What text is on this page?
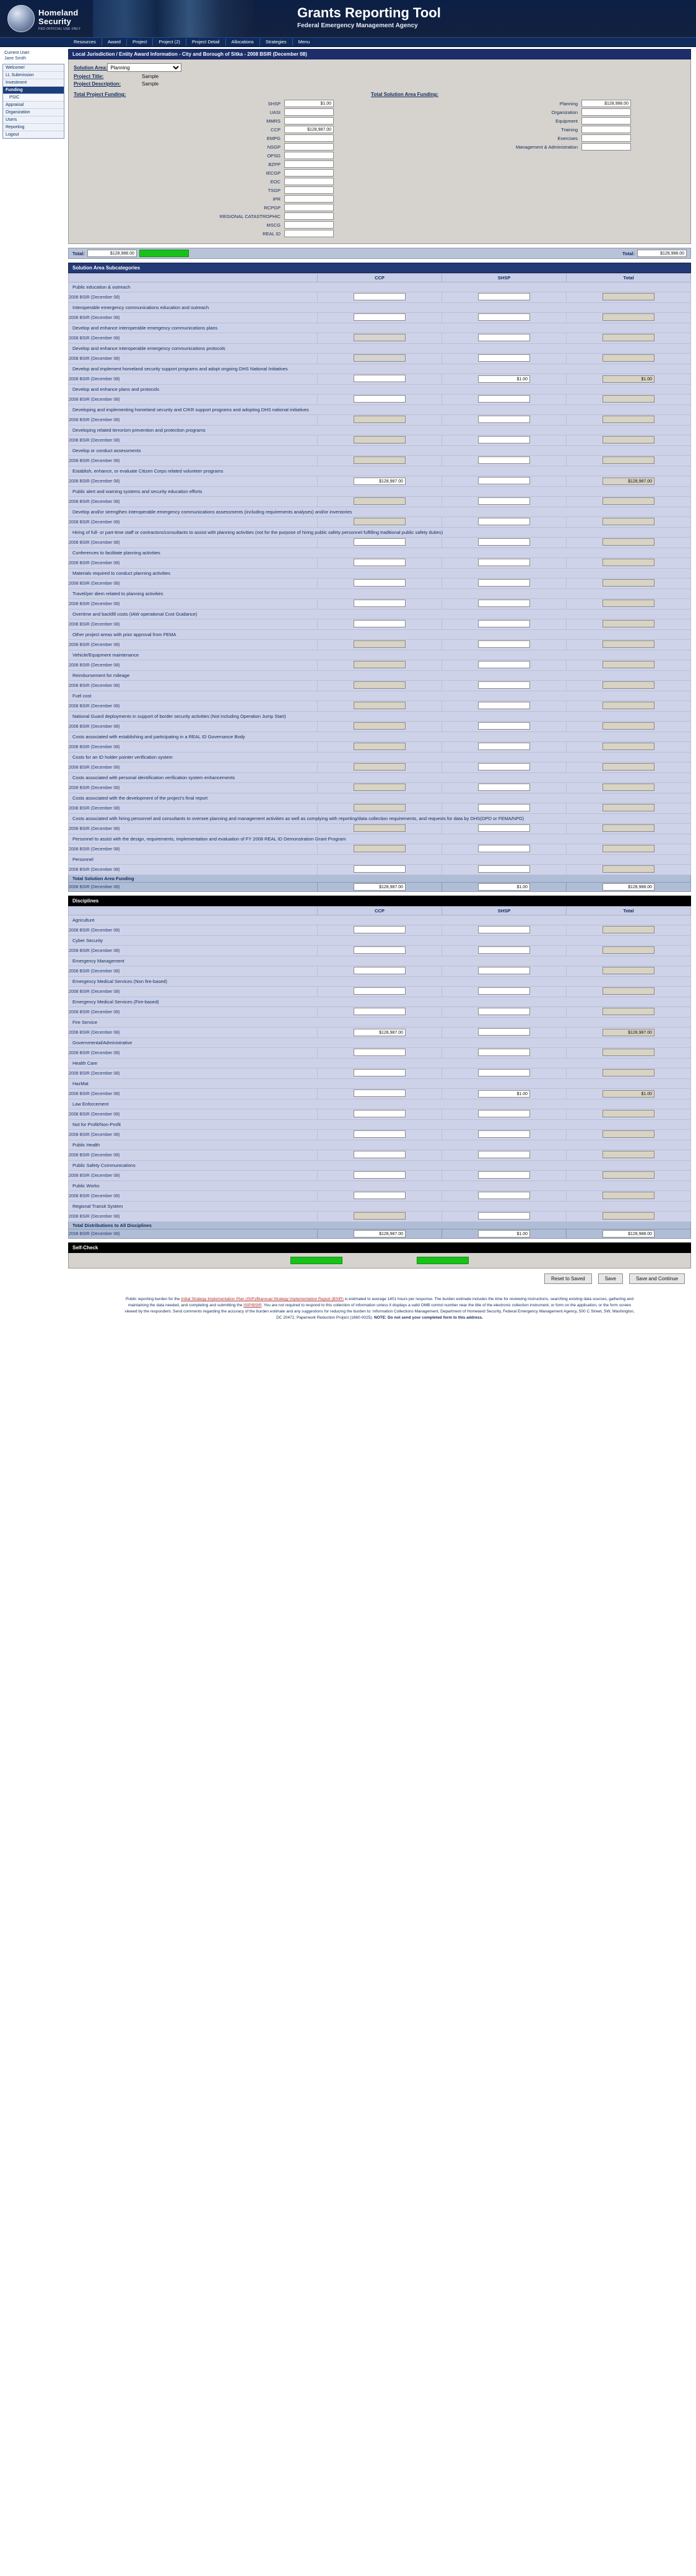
Homeland
Security
FED OFFICIAL USE ONLY
Grants Reporting Tool
Federal Emergency Management Agency
Resources	Award	Project	Project (2)	Project Detail	Allocations	Strategies	Menu
Current User:
Jane Smith
Welcome!
LL Submission
Investment
Funding
PSIC
Appraisal
Organization
Users
Reporting
Logout
Local Jurisdiction / Entity Award Information - City and Borough of Sitka - 2008 BSIR (December 08)
Solution Area:
Planning
Project Title:	Sample
Project Description:	Sample
Total Project Funding:
SHSP	$1.00
UASI
MMRS
CCP	$128,987.00
EMPG
NSGP
OPSG
BZPP
IECGP
EOC
TSGP
IPR
RCPGP
REGIONAL CATASTROPHIC
MSCG
REAL ID
Total Solution Area Funding:
Planning	$128,988.00
Organization
Equipment
Training
Exercises
Management & Administration
Total:	$128,988.00	Total:	$128,988.00
Solution Area Subcategories
	CCP	SHSP	Total
Public education & outreach			
2008 BSIR (December 08)			
Interoperable emergency communications education and outreach			
2008 BSIR (December 08)			
Develop and enhance interoperable emergency communications plans			
2008 BSIR (December 08)			
Develop and enhance interoperable emergency communications protocols			
2008 BSIR (December 08)			
Develop and implement homeland security support programs and adopt ongoing DHS National Initiatives			
2008 BSIR (December 08)		$1.00	$1.00
Develop and enhance plans and protocols			
2008 BSIR (December 08)			
Developing and implementing homeland security and CIKR support programs and adopting DHS national initiatives			
2008 BSIR (December 08)			
Developing related terrorism prevention and protection programs			
2008 BSIR (December 08)			
Develop or conduct assessments			
2008 BSIR (December 08)			
Establish, enhance, or evaluate Citizen Corps related volunteer programs			
2008 BSIR (December 08)	$128,987.00		$128,987.00
Public alert and warning systems and security education efforts			
2008 BSIR (December 08)			
Develop and/or strengthen interoperable emergency communications assessments (including requirements analyses) and/or inventories			
2008 BSIR (December 08)			
Hiring of full- or part-time staff or contractors/consultants to assist with planning activities (not for the purpose of hiring public safety personnel fulfilling traditional public safety duties)			
2008 BSIR (December 08)			
Conferences to facilitate planning activities			
2008 BSIR (December 08)			
Materials required to conduct planning activities			
2008 BSIR (December 08)			
Travel/per diem related to planning activities			
2008 BSIR (December 08)			
Overtime and backfill costs (IAW operational Cost Guidance)			
2008 BSIR (December 08)			
Other project areas with prior approval from FEMA			
2008 BSIR (December 08)			
Vehicle/Equipment maintenance			
2008 BSIR (December 08)			
Reimbursement for mileage			
2008 BSIR (December 08)			
Fuel cost			
2008 BSIR (December 08)			
National Guard deployments in support of border security activities (Not including Operation Jump Start)			
2008 BSIR (December 08)			
Costs associated with establishing and participating in a REAL ID Governance Body			
2008 BSIR (December 08)			
Costs for an ID holder pointer verification system			
2008 BSIR (December 08)			
Costs associated with personal identification verification system enhancements			
2008 BSIR (December 08)			
Costs associated with the development of the project's final report			
2008 BSIR (December 08)			
Costs associated with hiring personnel and consultants to oversee planning and management activities as well as complying with reporting/data collection requirements, and requests for data by DHS(OPD or FEMA/NPD)			
2008 BSIR (December 08)			
Personnel to assist with the design, requirements, implementation and evaluation of FY 2008 REAL ID Demonstration Grant Program			
2008 BSIR (December 08)			
Personnel			
2008 BSIR (December 08)			
Total Solution Area Funding			
2008 BSIR (December 08)	$128,987.00	$1.00	$128,988.00
Disciplines
	CCP	SHSP	Total
Agriculture			
2008 BSIR (December 08)			
Cyber Security			
2008 BSIR (December 08)			
Emergency Management			
2008 BSIR (December 08)			
Emergency Medical Services (Non fire-based)			
2008 BSIR (December 08)			
Emergency Medical Services (Fire-based)			
2008 BSIR (December 08)			
Fire Service			
2008 BSIR (December 08)	$128,987.00		$128,987.00
Governmental/Administrative			
2008 BSIR (December 08)			
Health Care			
2008 BSIR (December 08)			
HazMat			
2008 BSIR (December 08)		$1.00	$1.00
Law Enforcement			
2008 BSIR (December 08)			
Not for Profit/Non-Profit			
2008 BSIR (December 08)			
Public Health			
2008 BSIR (December 08)			
Public Safety Communications			
2008 BSIR (December 08)			
Public Works			
2008 BSIR (December 08)			
Regional Transit System			
2008 BSIR (December 08)			
Total Distributions to All Disciplines			
2008 BSIR (December 08)	$128,987.00	$1.00	$128,988.00
Self-Check
Reset to Saved	Save	Save and Continue
Public reporting burden for the Initial Strategy Implementation Plan (ISIP)/Biannual Strategy Implementation Report (BSIR) is estimated to average 1401 hours per response. The burden estimate includes the time for reviewing instructions, searching existing data sources, gathering and maintaining the data needed, and completing and submitting the ISIP/BSIR. You are not required to respond to this collection of information unless it displays a valid OMB control number near the title of the electronic collection instrument, or form on the application, or the form screen viewed by the respondent. Send comments regarding the accuracy of the burden estimate and any suggestions for reducing the burden to: Information Collections Management, Department of Homeland Security, Federal Emergency Management Agency, 500 C Street, SW, Washington, DC 20472. Paperwork Reduction Project (1660-0025). NOTE: Do not send your completed form to this address.
